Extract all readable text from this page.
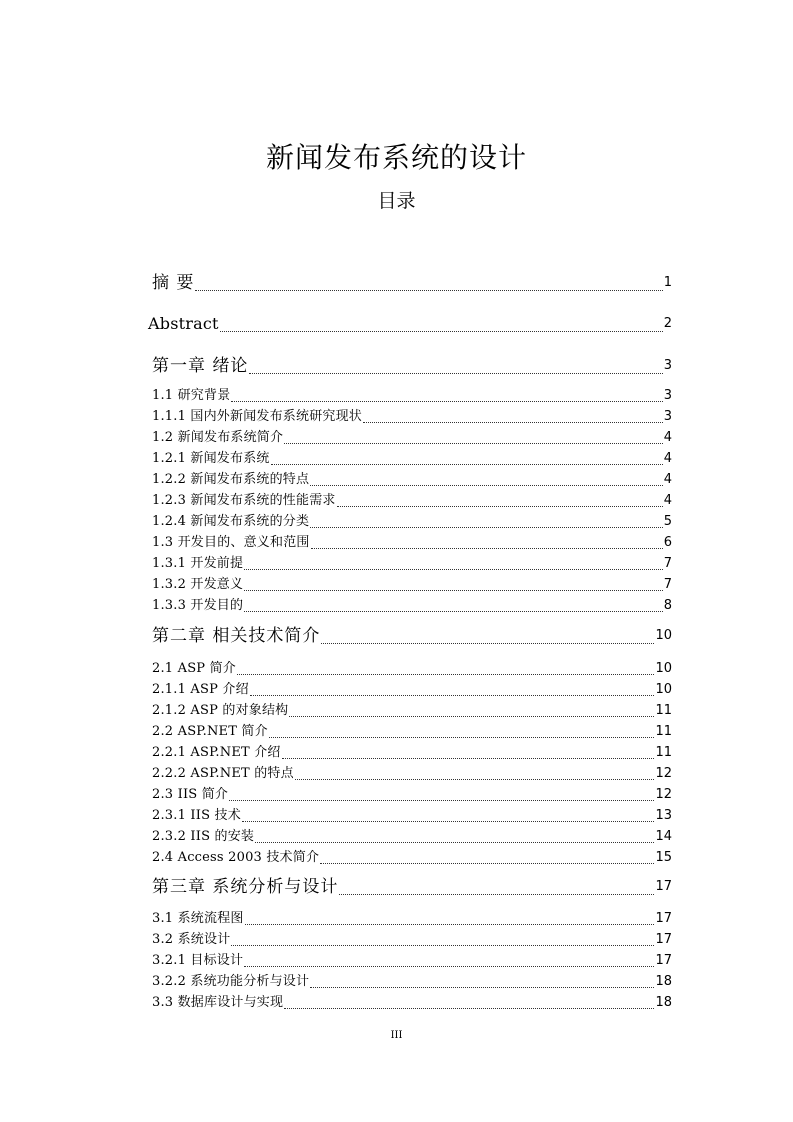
新闻发布系统的设计
目录
摘 要	1
Abstract	2
第一章 绪论	3
1.1 研究背景	3
1.1.1 国内外新闻发布系统研究现状	3
1.2 新闻发布系统简介	4
1.2.1 新闻发布系统	4
1.2.2 新闻发布系统的特点	4
1.2.3 新闻发布系统的性能需求	4
1.2.4 新闻发布系统的分类	5
1.3 开发目的、意义和范围	6
1.3.1 开发前提	7
1.3.2 开发意义	7
1.3.3 开发目的	8
第二章 相关技术简介	10
2.1 ASP 简介	10
2.1.1 ASP 介绍	10
2.1.2 ASP 的对象结构	11
2.2 ASP.NET 简介	11
2.2.1 ASP.NET 介绍	11
2.2.2 ASP.NET 的特点	12
2.3 IIS 简介	12
2.3.1 IIS 技术	13
2.3.2 IIS 的安装	14
2.4 Access 2003 技术简介	15
第三章 系统分析与设计	17
3.1 系统流程图	17
3.2 系统设计	17
3.2.1 目标设计	17
3.2.2 系统功能分析与设计	18
3.3 数据库设计与实现	18
III
